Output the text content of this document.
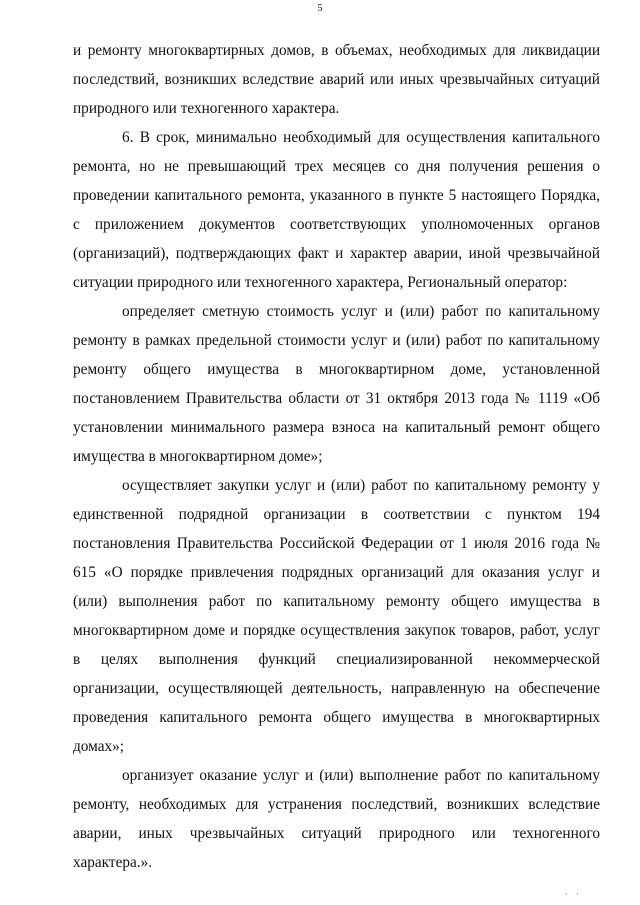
5

и ремонту многоквартирных домов, в объемах, необходимых для ликвидации последствий, возникших вследствие аварий или иных чрезвычайных ситуаций природного или техногенного характера.

6. В срок, минимально необходимый для осуществления капитального ремонта, но не превышающий трех месяцев со дня получения решения о проведении капитального ремонта, указанного в пункте 5 настоящего Порядка, с приложением документов соответствующих уполномоченных органов (организаций), подтверждающих факт и характер аварии, иной чрезвычайной ситуации природного или техногенного характера, Региональный оператор:

определяет сметную стоимость услуг и (или) работ по капитальному ремонту в рамках предельной стоимости услуг и (или) работ по капитальному ремонту общего имущества в многоквартирном доме, установленной постановлением Правительства области от 31 октября 2013 года № 1119 «Об установлении минимального размера взноса на капитальный ремонт общего имущества в многоквартирном доме»;

осуществляет закупки услуг и (или) работ по капитальному ремонту у единственной подрядной организации в соответствии с пунктом 194 постановления Правительства Российской Федерации от 1 июля 2016 года № 615 «О порядке привлечения подрядных организаций для оказания услуг и (или) выполнения работ по капитальному ремонту общего имущества в многоквартирном доме и порядке осуществления закупок товаров, работ, услуг в целях выполнения функций специализированной некоммерческой организации, осуществляющей деятельность, направленную на обеспечение проведения капитального ремонта общего имущества в многоквартирных домах»;

организует оказание услуг и (или) выполнение работ по капитальному ремонту, необходимых для устранения последствий, возникших вследствие аварии, иных чрезвычайных ситуаций природного или техногенного характера.».

· ·
